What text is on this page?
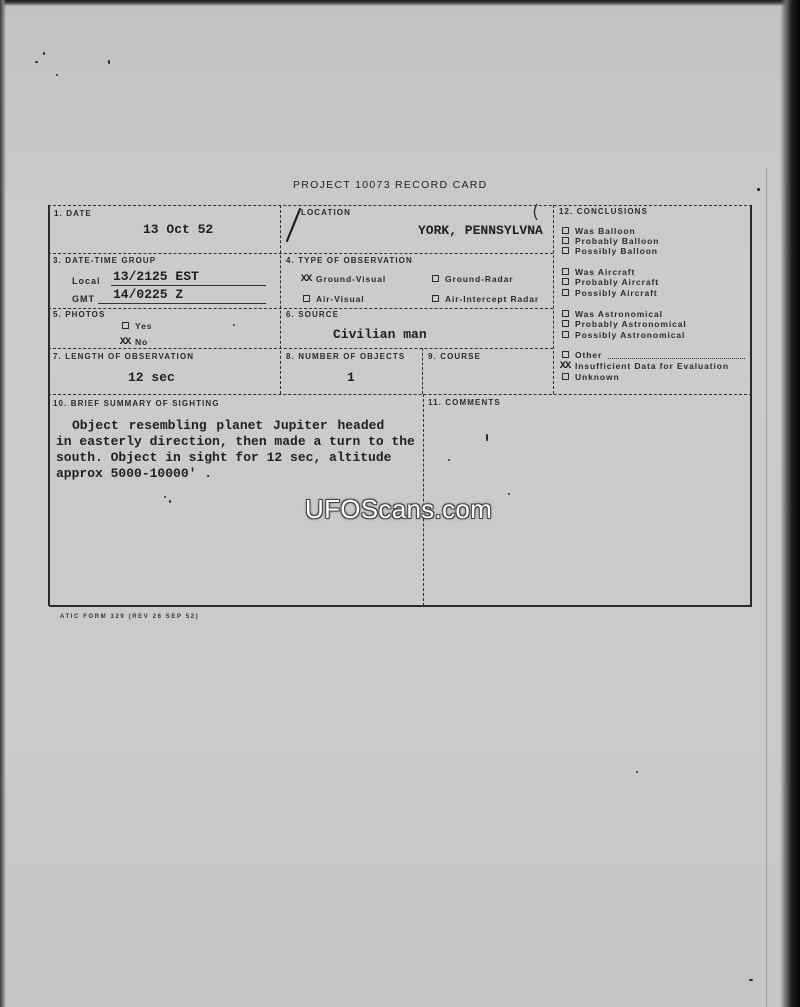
PROJECT 10073 RECORD CARD
1. DATE
13 Oct 52
LOCATION
YORK, PENNSYLVNA
3. DATE-TIME GROUP
Local 13/2125 EST
GMT 14/0225 Z
4. TYPE OF OBSERVATION
XX Ground-Visual	Ground-Radar
Air-Visual	Air-Intercept Radar
5. PHOTOS
Yes
XX No
6. SOURCE
Civilian man
7. LENGTH OF OBSERVATION
12 sec
8. NUMBER OF OBJECTS
1
9. COURSE
10. BRIEF SUMMARY OF SIGHTING
Object resembling planet Jupiter headed
in easterly direction, then made a turn to the
south. Object in sight for 12 sec, altitude
approx 5000-10000' .
11. COMMENTS
12. CONCLUSIONS
Was Balloon
Probably Balloon
Possibly Balloon
Was Aircraft
Probably Aircraft
Possibly Aircraft
Was Astronomical
Probably Astronomical
Possibly Astronomical
Other
XX Insufficient Data for Evaluation
Unknown
ATIC FORM 329 (REV 26 SEP 52)
UFOScans.com
